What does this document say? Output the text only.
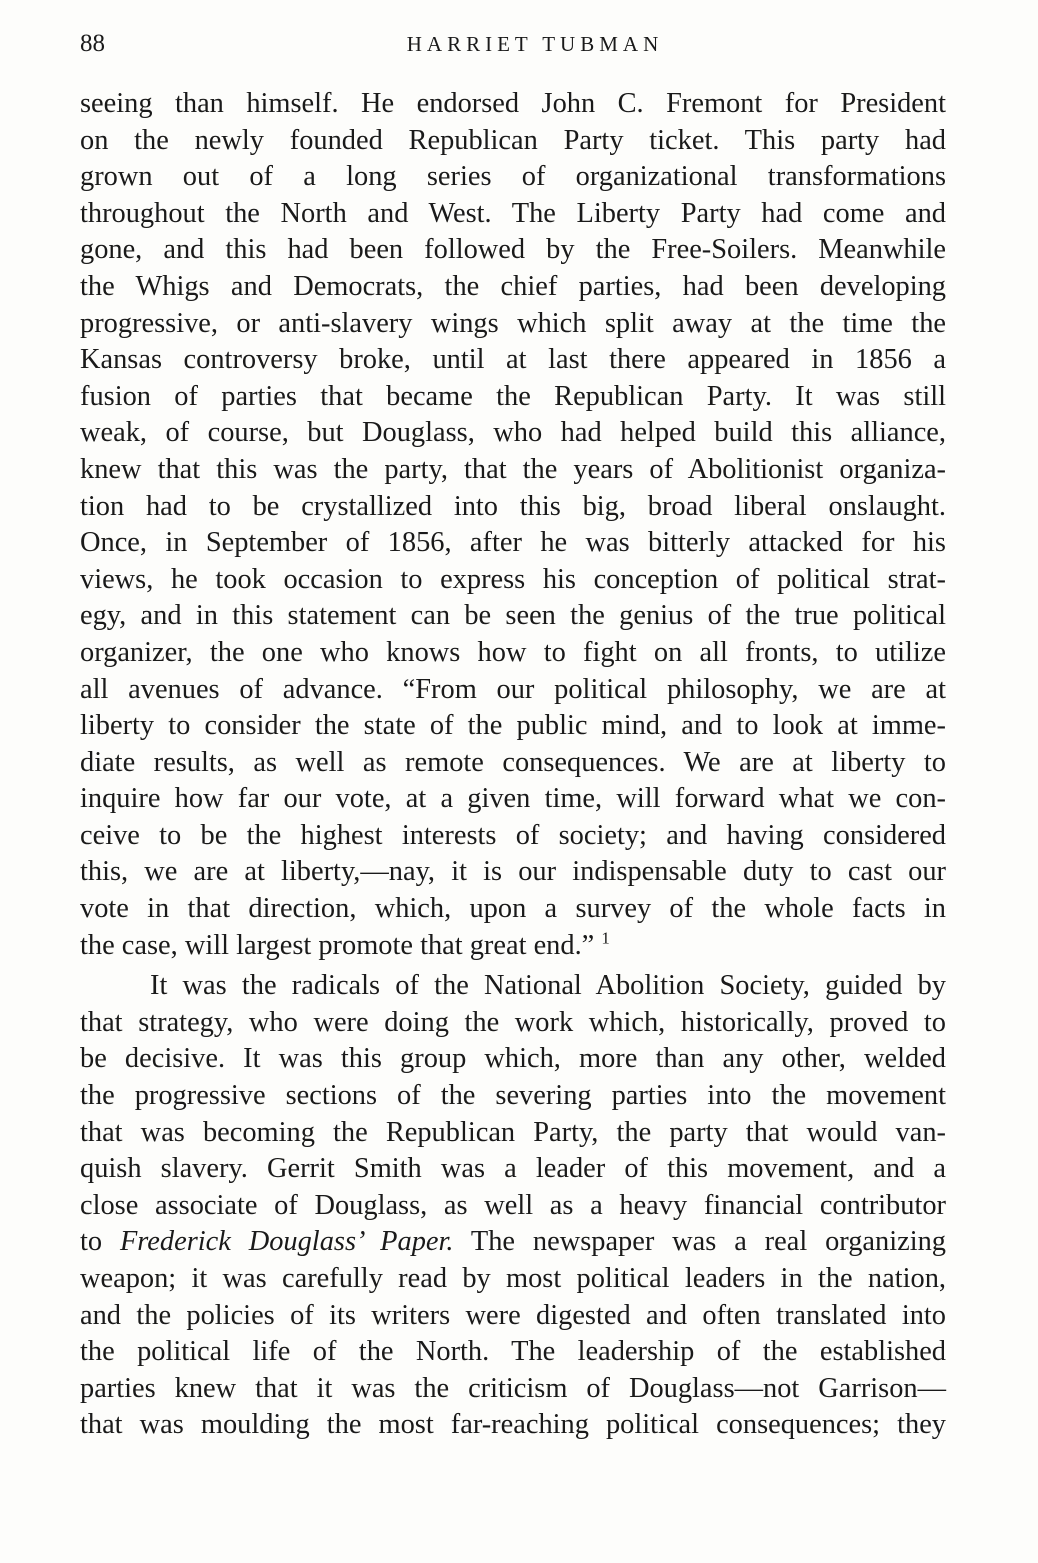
88	HARRIET TUBMAN

seeing than himself. He endorsed John C. Fremont for President
on the newly founded Republican Party ticket. This party had
grown out of a long series of organizational transformations
throughout the North and West. The Liberty Party had come and
gone, and this had been followed by the Free-Soilers. Meanwhile
the Whigs and Democrats, the chief parties, had been developing
progressive, or anti-slavery wings which split away at the time the
Kansas controversy broke, until at last there appeared in 1856 a
fusion of parties that became the Republican Party. It was still
weak, of course, but Douglass, who had helped build this alliance,
knew that this was the party, that the years of Abolitionist organiza-
tion had to be crystallized into this big, broad liberal onslaught.
Once, in September of 1856, after he was bitterly attacked for his
views, he took occasion to express his conception of political strat-
egy, and in this statement can be seen the genius of the true political
organizer, the one who knows how to fight on all fronts, to utilize
all avenues of advance. “From our political philosophy, we are at
liberty to consider the state of the public mind, and to look at imme-
diate results, as well as remote consequences. We are at liberty to
inquire how far our vote, at a given time, will forward what we con-
ceive to be the highest interests of society; and having considered
this, we are at liberty,—nay, it is our indispensable duty to cast our
vote in that direction, which, upon a survey of the whole facts in
the case, will largest promote that great end.” $^1$

It was the radicals of the National Abolition Society, guided by
that strategy, who were doing the work which, historically, proved to
be decisive. It was this group which, more than any other, welded
the progressive sections of the severing parties into the movement
that was becoming the Republican Party, the party that would van-
quish slavery. Gerrit Smith was a leader of this movement, and a
close associate of Douglass, as well as a heavy financial contributor
to Frederick Douglass’ Paper. The newspaper was a real organizing
weapon; it was carefully read by most political leaders in the nation,
and the policies of its writers were digested and often translated into
the political life of the North. The leadership of the established
parties knew that it was the criticism of Douglass—not Garrison—
that was moulding the most far-reaching political consequences; they
